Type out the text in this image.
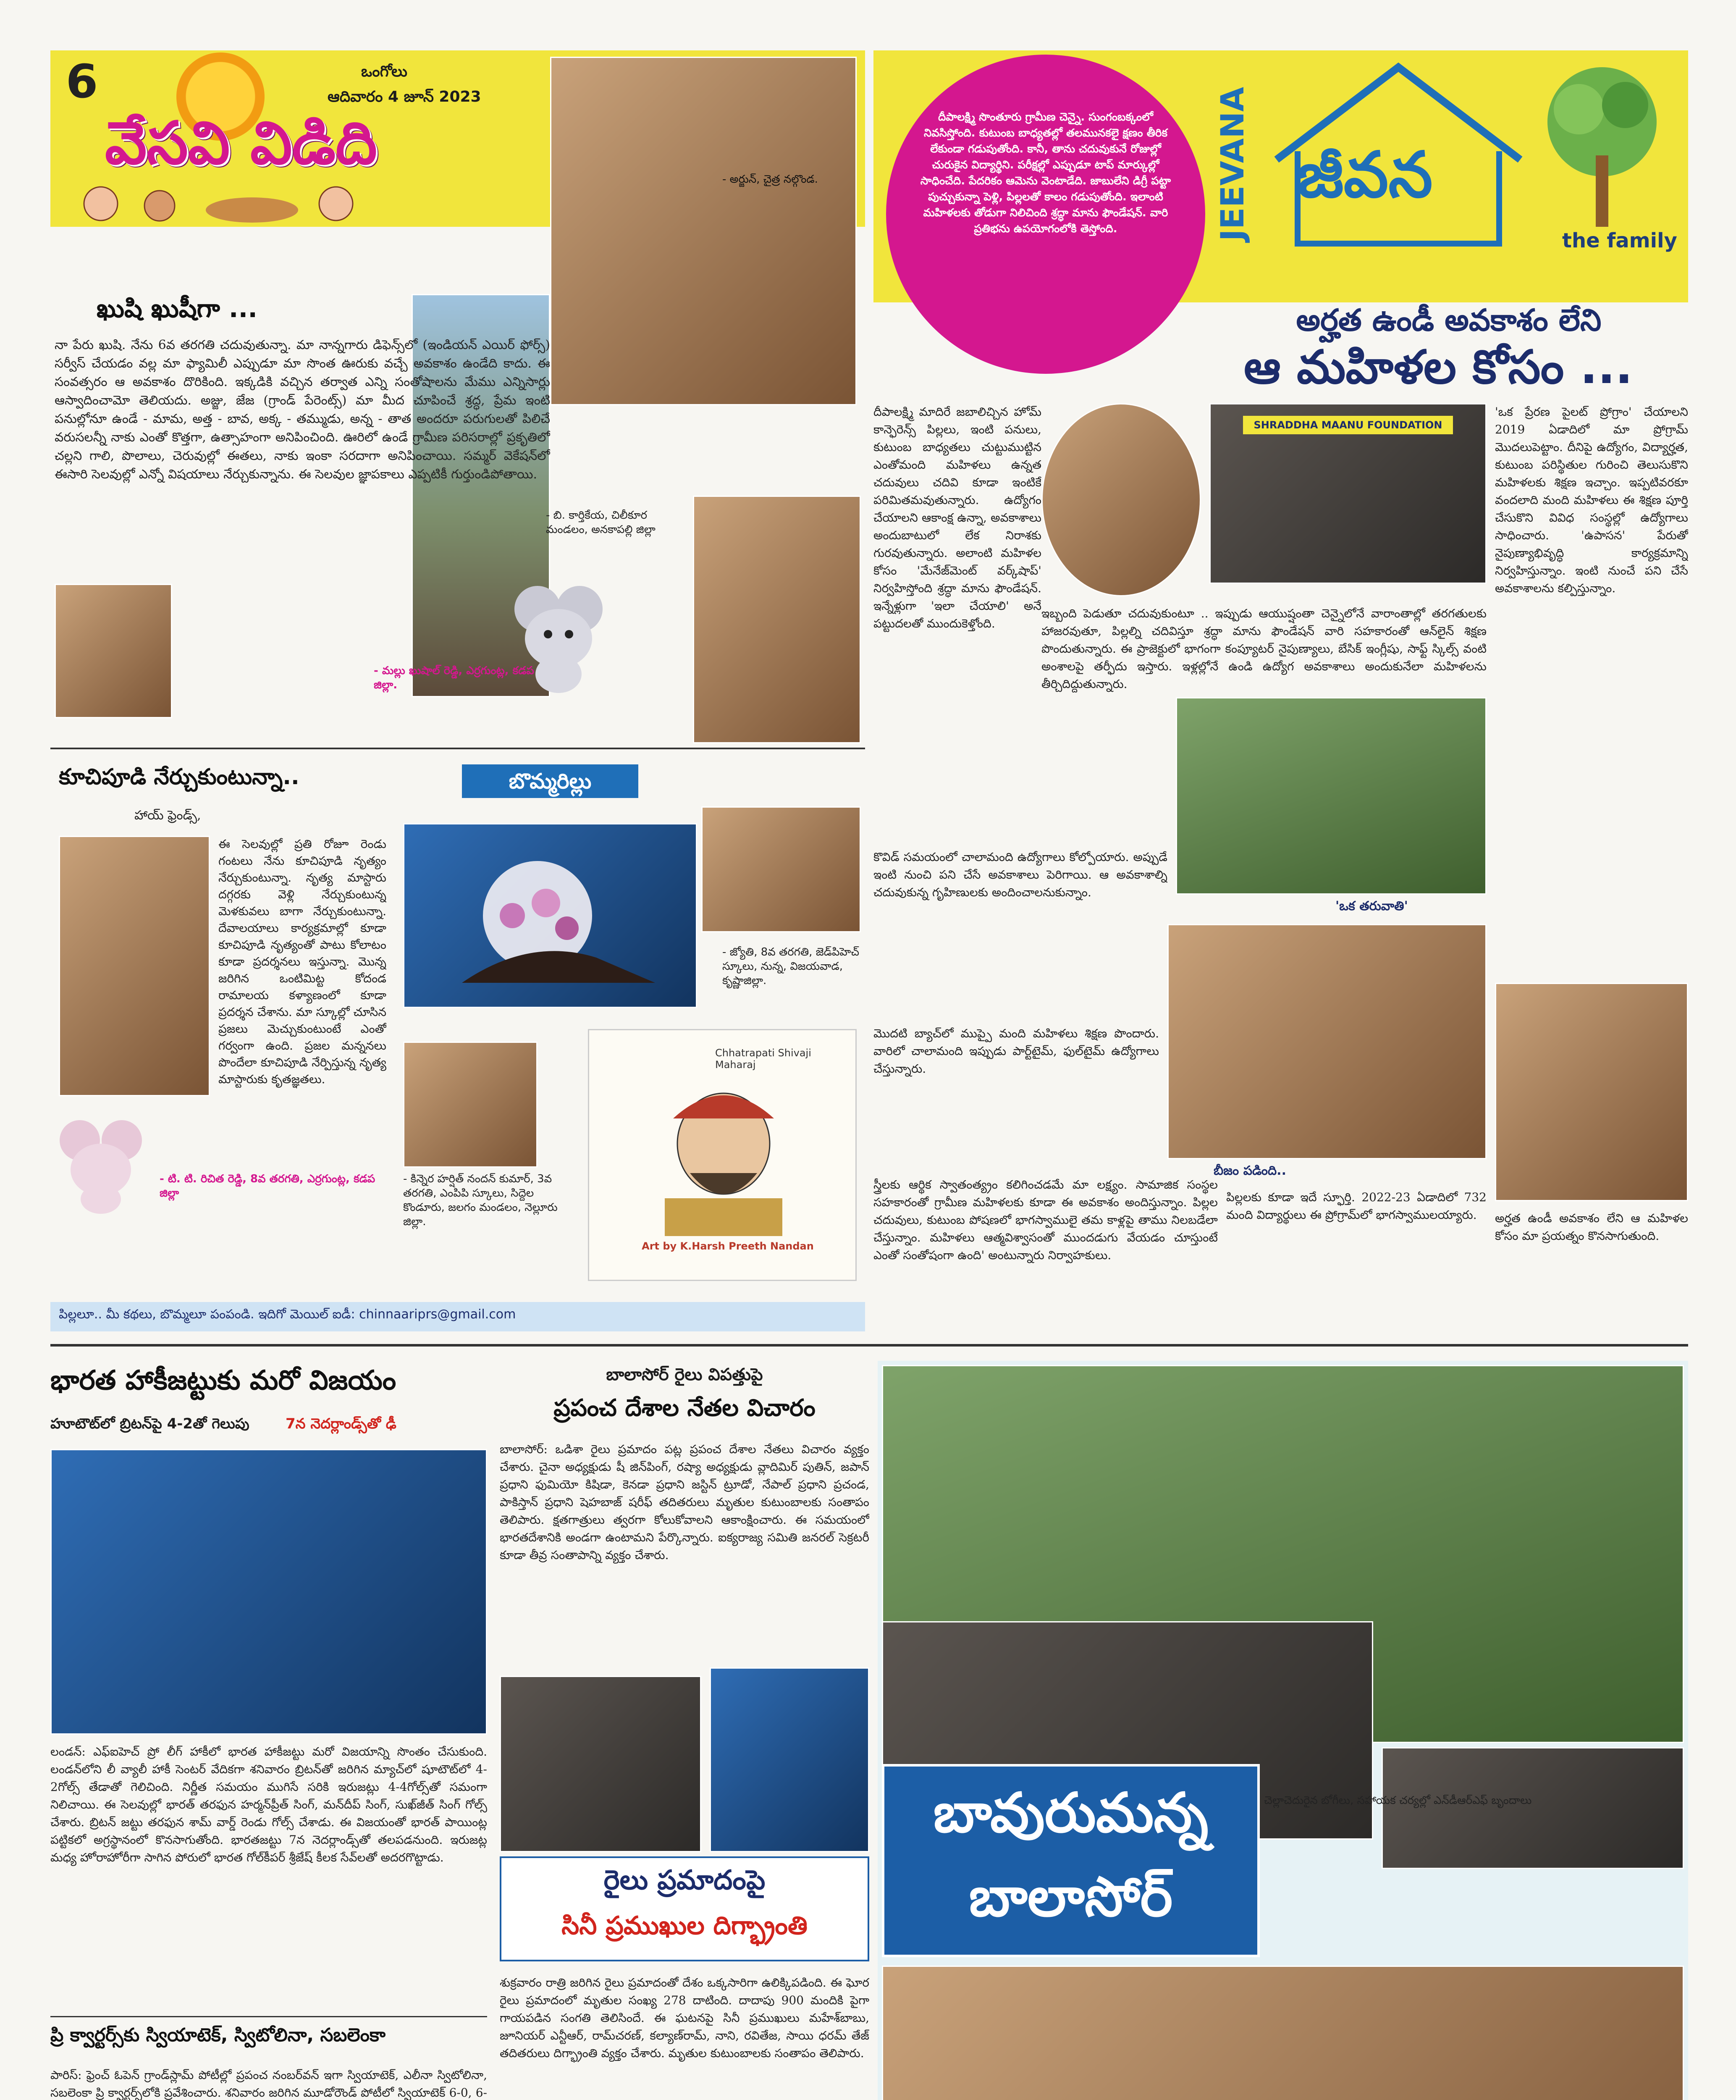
6
వేసవి విడిది
ఒంగోలు
ఆదివారం 4 జూన్ 2023
- అర్జున్, చైత్ర నల్గొండ.
దీపాలక్ష్మి సొంతూరు గ్రామీణ చెన్నై. సుంగంబక్కంలో నివసిస్తోంది. కుటుంబ బాధ్యతల్లో తలమునకలై క్షణం తీరిక లేకుండా గడుపుతోంది. కానీ, తాను చదువుకునే రోజుల్లో చురుకైన విద్యార్థిని. పరీక్షల్లో ఎప్పుడూ టాప్ మార్కుల్లో సాధించేది. పేదరికం ఆమెను వెంటాడేది. జాబులేని డిగ్రీ పట్టా పుచ్చుకున్నా పెళ్లి, పిల్లలతో కాలం గడుపుతోంది. ఇలాంటి మహిళలకు తోడుగా నిలిచింది శ్రద్ధా మాను ఫౌండేషన్. వారి ప్రతిభను ఉపయోగంలోకి తెస్తోంది.	JEEVANA జీవన
the family
అర్హత ఉండీ అవకాశం లేని
ఆ మహిళల కోసం ...
ఖుషి ఖుషీగా ...
నా పేరు ఖుషి. నేను 6వ తరగతి చదువుతున్నా. మా నాన్నగారు డిఫెన్స్‌లో (ఇండియన్ ఎయిర్ ఫోర్స్) సర్వీస్ చేయడం వల్ల మా ఫ్యామిలీ ఎప్పుడూ మా సొంత ఊరుకు వచ్చే అవకాశం ఉండేది కాదు. ఈ సంవత్సరం ఆ అవకాశం దొరికింది. ఇక్కడికి వచ్చిన తర్వాత ఎన్ని సంతోషాలను మేము ఎన్నిసార్లు ఆస్వాదించామో తెలియదు. అజ్జు, జేజ (గ్రాండ్ పేరెంట్స్) మా మీద చూపించే శ్రద్ధ, ప్రేమ ఇంటి పనుల్లోనూ ఉండే - మామ, అత్త - బావ, అక్క - తమ్ముడు, అన్న - తాత అందరూ పరుగులతో పిలిచే వరుసలన్నీ నాకు ఎంతో కొత్తగా, ఉత్సాహంగా అనిపించింది. ఊరిలో ఉండే గ్రామీణ పరిసరాల్లో ప్రకృతిలో చల్లని గాలి, పొలాలు, చెరువుల్లో ఈతలు, నాకు ఇంకా సరదాగా అనిపించాయి. సమ్మర్ వెకేషన్‌లో ఈసారి సెలవుల్లో ఎన్నో విషయాలు నేర్చుకున్నాను. ఈ సెలవుల జ్ఞాపకాలు ఎప్పటికీ గుర్తుండిపోతాయి.
- మల్లు ఖుషాల్ రెడ్డి, ఎర్రగుంట్ల, కడప జిల్లా.
- బి. కార్తికేయ, చిలీకూర మండలం, అనకాపల్లి జిల్లా
కూచిపూడి నేర్చుకుంటున్నా..
హాయ్ ఫ్రెండ్స్,
ఈ సెలవుల్లో ప్రతి రోజూ రెండు గంటలు నేను కూచిపూడి నృత్యం నేర్చుకుంటున్నా. నృత్య మాస్టారు దగ్గరకు వెళ్లి నేర్చుకుంటున్న మెళకువలు బాగా నేర్చుకుంటున్నా. దేవాలయాలు కార్యక్రమాల్లో కూడా కూచిపూడి నృత్యంతో పాటు కోలాటం కూడా ప్రదర్శనలు ఇస్తున్నా. మొన్న జరిగిన ఒంటిమిట్ట కోదండ రామాలయ కళ్యాణంలో కూడా ప్రదర్శన చేశాను. మా స్కూల్లో చూసిన ప్రజలు మెచ్చుకుంటుంటే ఎంతో గర్వంగా ఉంది. ప్రజల మన్ననలు పొందేలా కూచిపూడి నేర్పిస్తున్న నృత్య మాస్టారుకు కృతజ్ఞతలు.
- టి. టి. రిచిత రెడ్డి, 8వ తరగతి, ఎర్రగుంట్ల, కడప జిల్లా
బొమ్మరిల్లు
- జ్యోతి, 8వ తరగతి, జెడ్‌పిహెచ్ స్కూలు, నున్న, విజయవాడ, కృష్ణాజిల్లా.
- కిన్నెర హర్షిత్ నందన్ కుమార్, 3వ తరగతి, ఎంపిపి స్కూలు, సిద్దెల కొండూరు, జలగం మండలం, నెల్లూరు జిల్లా.
Chhatrapati Shivaji Maharaj
Art by K.Harsh Preeth Nandan
పిల్లలూ.. మీ కథలు, బొమ్మలూ పంపండి. ఇదిగో మెయిల్ ఐడీ: chinnaariprs@gmail.com
దీపాలక్ష్మి మాదిరే జబాలిచ్చిన హోమ్ కాన్ఫెరెన్స్ పిల్లలు, ఇంటి పనులు, కుటుంబ బాధ్యతలు చుట్టుముట్టిన ఎంతోమంది మహిళలు ఉన్నత చదువులు చదివి కూడా ఇంటికే పరిమితమవుతున్నారు. ఉద్యోగం చేయాలని ఆకాంక్ష ఉన్నా, అవకాశాలు అందుబాటులో లేక నిరాశకు గురవుతున్నారు. అలాంటి మహిళల కోసం 'మేనేజ్‌మెంట్ వర్క్‌షాప్' నిర్వహిస్తోంది శ్రద్ధా మాను ఫౌండేషన్. ఇన్నేళ్లుగా 'ఇలా చేయాలి' అనే పట్టుదలతో ముందుకెళ్తోంది.
SHRADDHA MAANU FOUNDATION
'ఒక ప్రేరణ పైలట్ ప్రోగ్రాం' చేయాలని 2019 ఏడాదిలో మా ప్రోగ్రామ్ మొదలుపెట్టాం. దీనిపై ఉద్యోగం, విద్యార్హత, కుటుంబ పరిస్థితుల గురించి తెలుసుకొని మహిళలకు శిక్షణ ఇచ్చాం. ఇప్పటివరకూ వందలాది మంది మహిళలు ఈ శిక్షణ పూర్తి చేసుకొని వివిధ సంస్థల్లో ఉద్యోగాలు సాధించారు. 'ఉపాసన' పేరుతో నైపుణ్యాభివృద్ధి కార్యక్రమాన్ని నిర్వహిస్తున్నాం. ఇంటి నుంచే పని చేసే అవకాశాలను కల్పిస్తున్నాం.
ఇబ్బంది పెడుతూ చదువుకుంటూ .. ఇప్పుడు ఆయుష్షంతా చెన్నైలోనే వారాంతాల్లో తరగతులకు హాజరవుతూ, పిల్లల్ని చదివిస్తూ శ్రద్ధా మాను ఫౌండేషన్ వారి సహకారంతో ఆన్‌లైన్ శిక్షణ పొందుతున్నారు. ఈ ప్రాజెక్టులో భాగంగా కంప్యూటర్ నైపుణ్యాలు, బేసిక్ ఇంగ్లీషు, సాఫ్ట్ స్కిల్స్ వంటి అంశాలపై తర్ఫీదు ఇస్తారు. ఇళ్లల్లోనే ఉండి ఉద్యోగ అవకాశాలు అందుకునేలా మహిళలను తీర్చిదిద్దుతున్నారు.
కొవిడ్ సమయంలో చాలామంది ఉద్యోగాలు కోల్పోయారు. అప్పుడే ఇంటి నుంచి పని చేసే అవకాశాలు పెరిగాయి. ఆ అవకాశాల్ని చదువుకున్న గృహిణులకు అందించాలనుకున్నాం.
'ఒక తరువాతి'
మొదటి బ్యాచ్‌లో ముప్పై మంది మహిళలు శిక్షణ పొందారు. వారిలో చాలామంది ఇప్పుడు పార్ట్‌టైమ్, ఫుల్‌టైమ్ ఉద్యోగాలు చేస్తున్నారు.
బీజం పడింది..
స్త్రీలకు ఆర్థిక స్వాతంత్య్రం కలిగించడమే మా లక్ష్యం. సామాజిక సంస్థల సహకారంతో గ్రామీణ మహిళలకు కూడా ఈ అవకాశం అందిస్తున్నాం. పిల్లల చదువులు, కుటుంబ పోషణలో భాగస్వాములై తమ కాళ్లపై తాము నిలబడేలా చేస్తున్నాం. మహిళలు ఆత్మవిశ్వాసంతో ముందడుగు వేయడం చూస్తుంటే ఎంతో సంతోషంగా ఉంది' అంటున్నారు నిర్వాహకులు.
పిల్లలకు కూడా ఇదే స్ఫూర్తి. 2022-23 ఏడాదిలో 732 మంది విద్యార్థులు ఈ ప్రోగ్రామ్‌లో భాగస్వాములయ్యారు.	అర్హత ఉండీ అవకాశం లేని ఆ మహిళల కోసం మా ప్రయత్నం కొనసాగుతుంది.
భారత హాకీజట్టుకు మరో విజయం
హూటౌట్‌లో బ్రిటన్‌పై 4-2తో గెలుపు	7న నెదర్లాండ్స్‌తో ఢీ
లండన్: ఎఫ్ఐహెచ్ ప్రో లీగ్ హాకీలో భారత హాకీజట్టు మరో విజయాన్ని సొంతం చేసుకుంది. లండన్‌లోని లీ వ్యాలీ హాకీ సెంటర్ వేదికగా శనివారం బ్రిటన్‌తో జరిగిన మ్యాచ్‌లో షూటౌట్‌లో 4-2గోల్స్ తేడాతో గెలిచింది. నిర్ణీత సమయం ముగిసే సరికి ఇరుజట్లు 4-4గోల్స్‌తో సమంగా నిలిచాయి. ఈ సెలవుల్లో భారత్ తరఫున హర్మన్‌ప్రీత్ సింగ్, మన్‌దీప్ సింగ్, సుఖ్‌జీత్ సింగ్ గోల్స్ చేశారు. బ్రిటన్ జట్టు తరఫున శామ్ వార్డ్ రెండు గోల్స్ చేశాడు. ఈ విజయంతో భారత్ పాయింట్ల పట్టికలో అగ్రస్థానంలో కొనసాగుతోంది. భారతజట్టు 7న నెదర్లాండ్స్‌తో తలపడనుంది. ఇరుజట్ల మధ్య హోరాహోరీగా సాగిన పోరులో భారత గోల్‌కీపర్ శ్రీజేష్ కీలక సేవ్‌లతో అదరగొట్టాడు.
ప్రి క్వార్టర్స్‌కు స్వియాటెక్, స్విటోలినా, సబలెంకా
పారిస్: ఫ్రెంచ్ ఓపెన్ గ్రాండ్‌స్లామ్ పోటీల్లో ప్రపంచ నంబర్‌వన్ ఇగా స్వియాటెక్, ఎలీనా స్విటోలినా, సబలెంకా ప్రి క్వార్టర్స్‌లోకి ప్రవేశించారు. శనివారం జరిగిన మూడోరౌండ్ పోటీలో స్వియాటెక్ 6-0, 6-
బాలాసోర్ రైలు విపత్తుపై
ప్రపంచ దేశాల నేతల విచారం
బాలాసోర్: ఒడిశా రైలు ప్రమాదం పట్ల ప్రపంచ దేశాల నేతలు విచారం వ్యక్తం చేశారు. చైనా అధ్యక్షుడు షీ జిన్‌పింగ్, రష్యా అధ్యక్షుడు వ్లాదిమిర్ పుతిన్, జపాన్ ప్రధాని ఫుమియో కిషిడా, కెనడా ప్రధాని జస్టిన్ ట్రూడో, నేపాల్ ప్రధాని ప్రచండ, పాకిస్తాన్ ప్రధాని షెహబాజ్ షరీఫ్ తదితరులు మృతుల కుటుంబాలకు సంతాపం తెలిపారు. క్షతగాత్రులు త్వరగా కోలుకోవాలని ఆకాంక్షించారు. ఈ సమయంలో భారతదేశానికి అండగా ఉంటామని పేర్కొన్నారు. ఐక్యరాజ్య సమితి జనరల్ సెక్రటరీ కూడా తీవ్ర సంతాపాన్ని వ్యక్తం చేశారు.
రైలు ప్రమాదంపై
సినీ ప్రముఖుల దిగ్భ్రాంతి
శుక్రవారం రాత్రి జరిగిన రైలు ప్రమాదంతో దేశం ఒక్కసారిగా ఉలిక్కిపడింది. ఈ ఘోర రైలు ప్రమాదంలో మృతుల సంఖ్య 278 దాటింది. దాదాపు 900 మందికి పైగా గాయపడిన సంగతి తెలిసిందే. ఈ ఘటనపై సినీ ప్రముఖులు మహేశ్‌బాబు, జూనియర్ ఎన్టీఆర్, రామ్‌చరణ్, కల్యాణ్‌రామ్, నాని, రవితేజ, సాయి ధరమ్ తేజ్ తదితరులు దిగ్భ్రాంతి వ్యక్తం చేశారు. మృతుల కుటుంబాలకు సంతాపం తెలిపారు.
బావురుమన్న
బాలాసోర్
చెల్లాచెదురైన బోగీలు, సహాయక చర్యల్లో ఎన్‌డీఆర్‌ఎఫ్ బృందాలు
